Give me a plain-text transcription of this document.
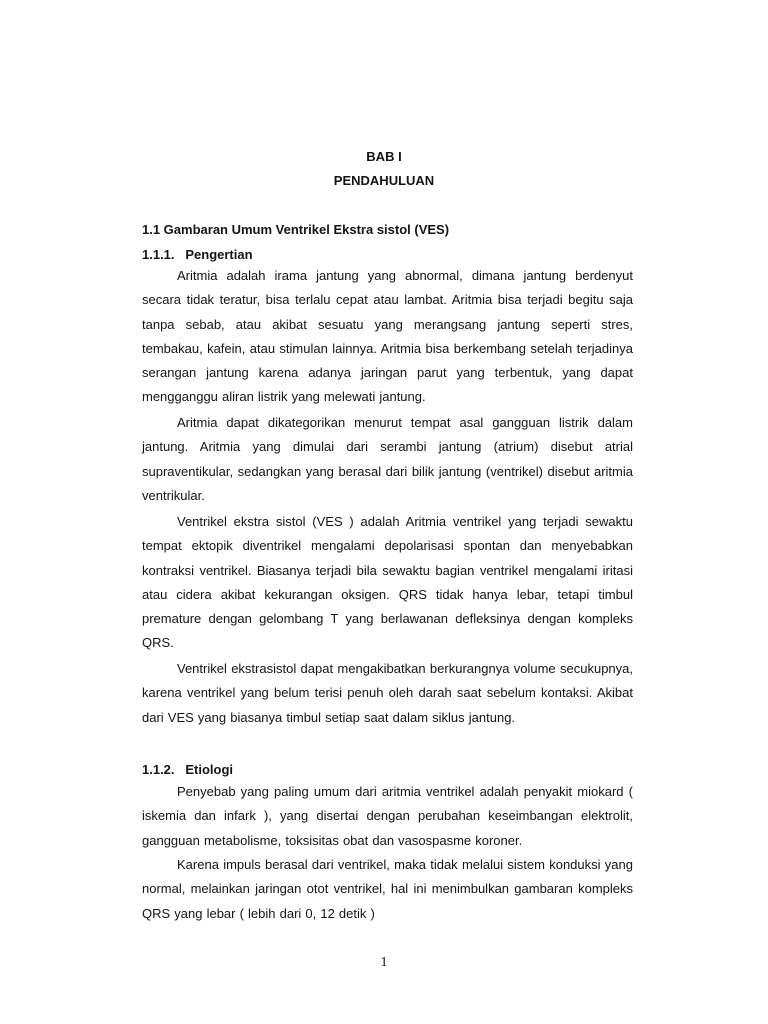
BAB I
PENDAHULUAN
1.1 Gambaran Umum Ventrikel Ekstra sistol (VES)
1.1.1.   Pengertian

Aritmia adalah irama jantung yang abnormal, dimana jantung berdenyut secara tidak teratur, bisa terlalu cepat atau lambat. Aritmia bisa terjadi begitu saja tanpa sebab, atau akibat sesuatu yang merangsang jantung seperti stres, tembakau, kafein, atau stimulan lainnya. Aritmia bisa berkembang setelah terjadinya serangan jantung karena adanya jaringan parut yang terbentuk, yang dapat mengganggu aliran listrik yang melewati jantung.

Aritmia dapat dikategorikan menurut tempat asal gangguan listrik dalam jantung. Aritmia yang dimulai dari serambi jantung (atrium) disebut atrial supraventikular, sedangkan yang berasal dari bilik jantung (ventrikel) disebut aritmia ventrikular.

Ventrikel ekstra sistol (VES ) adalah Aritmia ventrikel yang terjadi sewaktu tempat ektopik diventrikel mengalami depolarisasi spontan dan menyebabkan kontraksi ventrikel. Biasanya terjadi bila sewaktu bagian ventrikel mengalami iritasi atau cidera akibat kekurangan oksigen. QRS tidak hanya lebar, tetapi timbul premature dengan gelombang T yang berlawanan defleksinya dengan kompleks QRS.

Ventrikel ekstrasistol dapat mengakibatkan berkurangnya volume secukupnya, karena ventrikel yang belum terisi penuh oleh darah saat sebelum kontaksi. Akibat dari VES yang biasanya timbul setiap saat dalam siklus jantung.

1.1.2.   Etiologi

Penyebab yang paling umum dari aritmia ventrikel adalah penyakit miokard ( iskemia dan infark ), yang disertai dengan perubahan keseimbangan elektrolit, gangguan metabolisme, toksisitas obat dan vasospasme koroner.

Karena impuls berasal dari ventrikel, maka tidak melalui sistem konduksi yang normal, melainkan jaringan otot ventrikel, hal ini menimbulkan gambaran kompleks QRS yang lebar ( lebih dari 0, 12 detik )

1
